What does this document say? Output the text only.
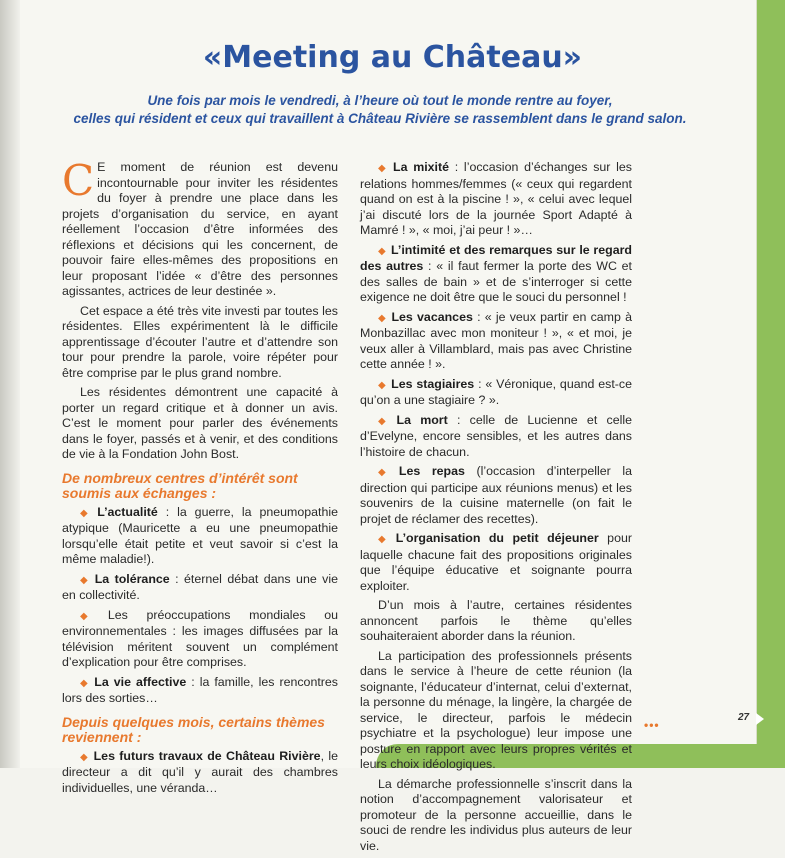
«Meeting au Château»
Une fois par mois le vendredi, à l’heure où tout le monde rentre au foyer,
celles qui résident et ceux qui travaillent à Château Rivière se rassemblent dans le grand salon.

C E moment de réunion est devenu incontournable pour inviter les résidentes du foyer à prendre une place dans les projets d’organisation du service, en ayant réellement l’occasion d’être informées des réflexions et décisions qui les concernent, de pouvoir faire elles-mêmes des propositions en leur proposant l’idée « d’être des personnes agissantes, actrices de leur destinée ».

Cet espace a été très vite investi par toutes les résidentes. Elles expérimentent là le difficile apprentissage d’écouter l’autre et d’attendre son tour pour prendre la parole, voire répéter pour être comprise par le plus grand nombre.

Les résidentes démontrent une capacité à porter un regard critique et à donner un avis. C’est le moment pour parler des événements dans le foyer, passés et à venir, et des conditions de vie à la Fondation John Bost.

De nombreux centres d’intérêt sont soumis aux échanges :
◆ L’actualité : la guerre, la pneumopathie atypique (Mauricette a eu une pneumopathie lorsqu’elle était petite et veut savoir si c’est la même maladie!).
◆ La tolérance : éternel débat dans une vie en collectivité.
◆ Les préoccupations mondiales ou environnementales : les images diffusées par la télévision méritent souvent un complément d’explication pour être comprises.
◆ La vie affective : la famille, les rencontres lors des sorties…
Depuis quelques mois, certains thèmes reviennent :
◆ Les futurs travaux de Château Rivière, le directeur a dit qu’il y aurait des chambres individuelles, une véranda…
◆ La mixité : l’occasion d’échanges sur les relations hommes/femmes (« ceux qui regardent quand on est à la piscine ! », « celui avec lequel j’ai discuté lors de la journée Sport Adapté à Mamré ! », « moi, j’ai peur ! »…
◆ L’intimité et des remarques sur le regard des autres : « il faut fermer la porte des WC et des salles de bain » et de s’interroger si cette exigence ne doit être que le souci du personnel !
◆ Les vacances : « je veux partir en camp à Monbazillac avec mon moniteur ! », « et moi, je veux aller à Villamblard, mais pas avec Christine cette année ! ».
◆ Les stagiaires : « Véronique, quand est-ce qu’on a une stagiaire ? ».
◆ La mort : celle de Lucienne et celle d’Evelyne, encore sensibles, et les autres dans l’histoire de chacun.
◆ Les repas (l’occasion d’interpeller la direction qui participe aux réunions menus) et les souvenirs de la cuisine maternelle (on fait le projet de réclamer des recettes).
◆ L’organisation du petit déjeuner pour laquelle chacune fait des propositions originales que l’équipe éducative et soignante pourra exploiter.

D’un mois à l’autre, certaines résidentes annoncent parfois le thème qu’elles souhaiteraient aborder dans la réunion.

La participation des professionnels présents dans le service à l’heure de cette réunion (la soignante, l’éducateur d’internat, celui d’externat, la personne du ménage, la lingère, la chargée de service, le directeur, parfois le médecin psychiatre et la psychologue) leur impose une posture en rapport avec leurs propres vérités et leurs choix idéologiques.

La démarche professionnelle s’inscrit dans la notion d’accompagnement valorisateur et promoteur de la personne accueillie, dans le souci de rendre les individus plus auteurs de leur vie.

•••
27
